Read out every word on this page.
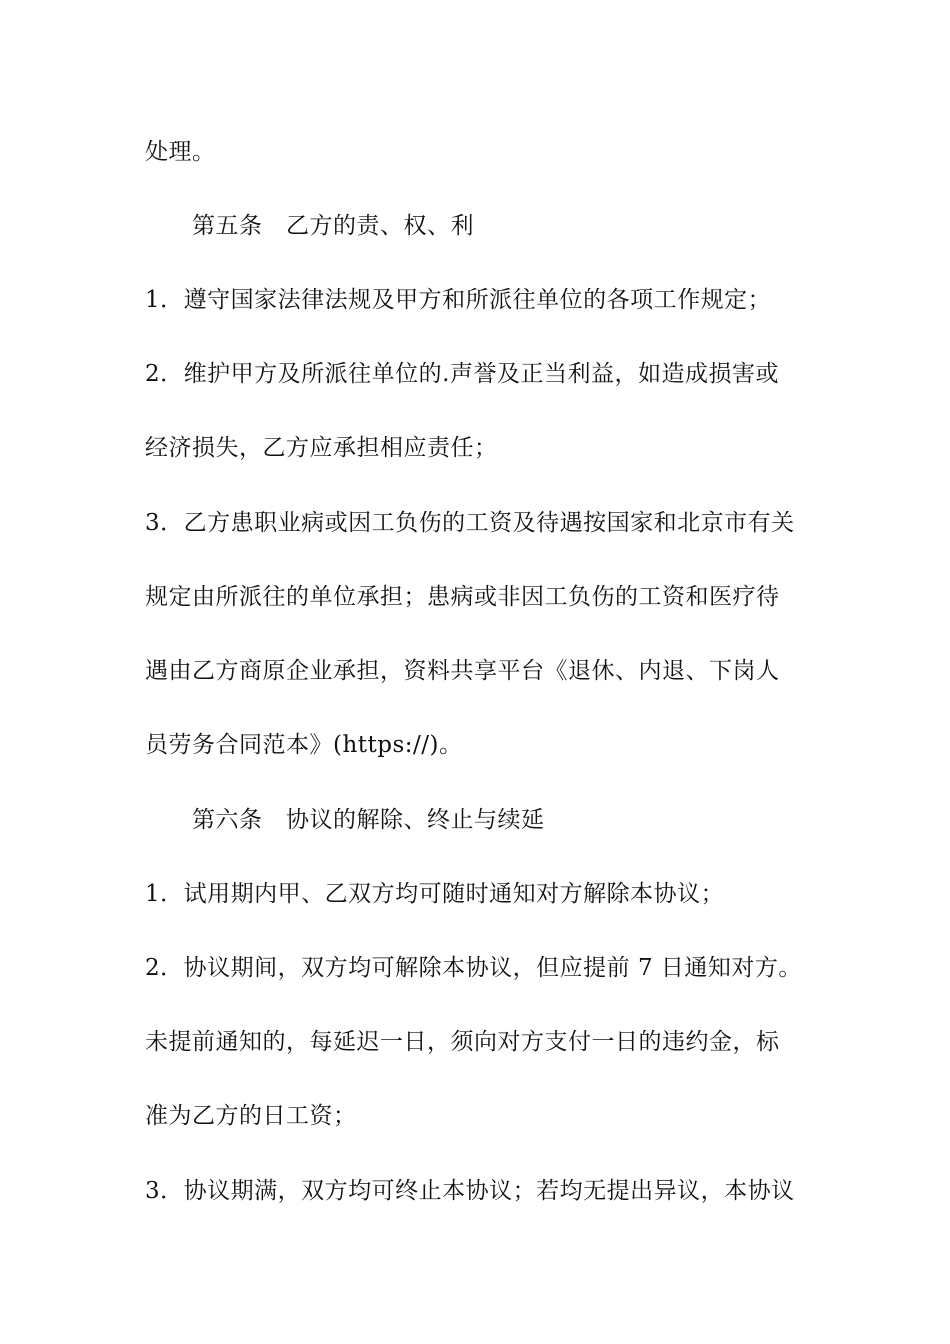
处理。
第五条　乙方的责、权、利
1．遵守国家法律法规及甲方和所派往单位的各项工作规定；
2．维护甲方及所派往单位的.声誉及正当利益，如造成损害或
经济损失，乙方应承担相应责任；
3．乙方患职业病或因工负伤的工资及待遇按国家和北京市有关
规定由所派往的单位承担；患病或非因工负伤的工资和医疗待
遇由乙方商原企业承担，资料共享平台《退休、内退、下岗人
员劳务合同范本》(https://)。
第六条　协议的解除、终止与续延
1．试用期内甲、乙双方均可随时通知对方解除本协议；
2．协议期间，双方均可解除本协议，但应提前 7 日通知对方。
未提前通知的，每延迟一日，须向对方支付一日的违约金，标
准为乙方的日工资；
3．协议期满，双方均可终止本协议；若均无提出异议，本协议
